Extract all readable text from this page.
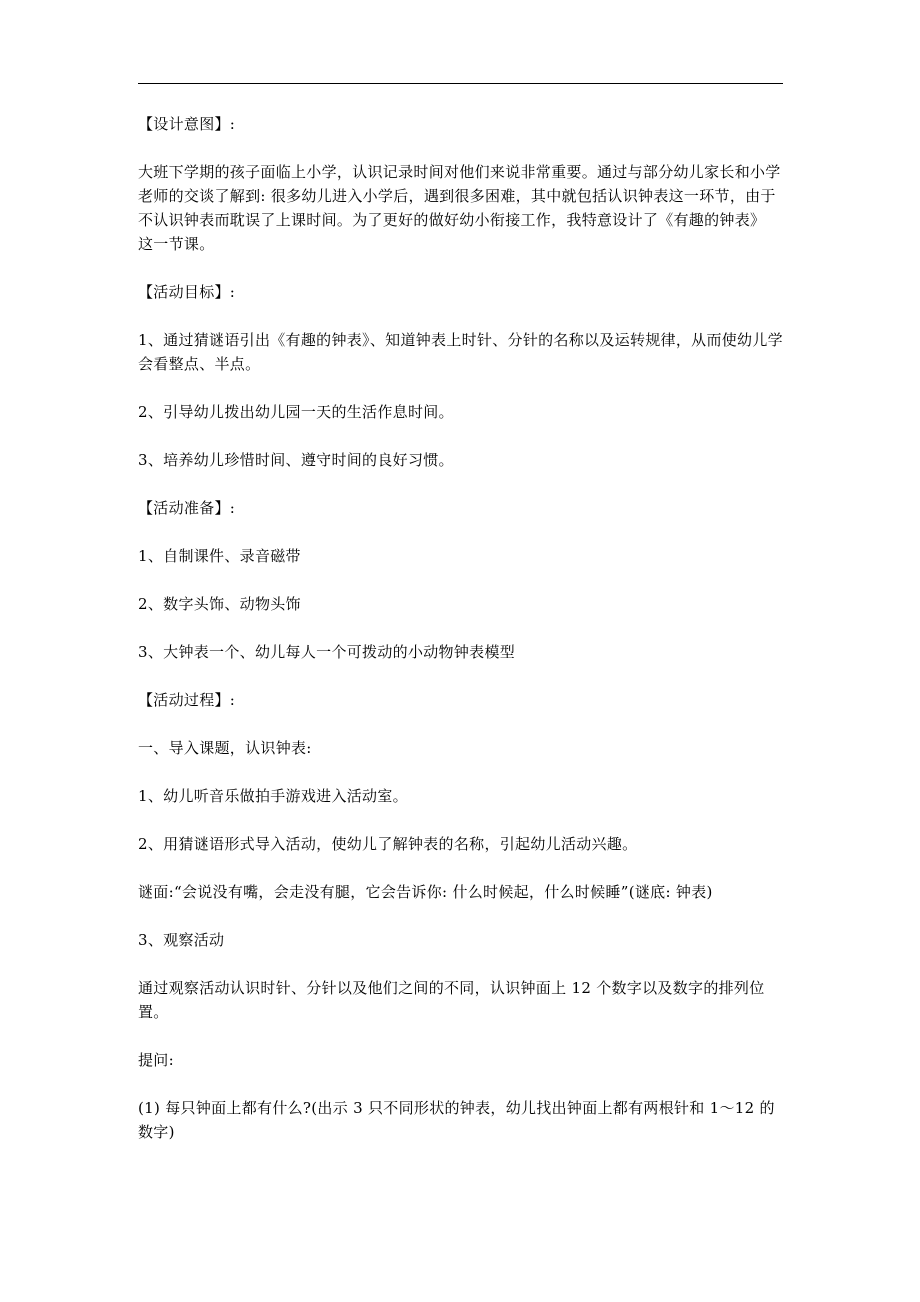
【设计意图】:

大班下学期的孩子面临上小学，认识记录时间对他们来说非常重要。通过与部分幼儿家长和小学老师的交谈了解到: 很多幼儿进入小学后，遇到很多困难，其中就包括认识钟表这一环节，由于不认识钟表而耽误了上课时间。为了更好的做好幼小衔接工作，我特意设计了《有趣的钟表》 这一节课。

【活动目标】:

1、通过猜谜语引出《有趣的钟表》、知道钟表上时针、分针的名称以及运转规律，从而使幼儿学会看整点、半点。

2、引导幼儿拨出幼儿园一天的生活作息时间。

3、培养幼儿珍惜时间、遵守时间的良好习惯。

【活动准备】:

1、自制课件、录音磁带

2、数字头饰、动物头饰

3、大钟表一个、幼儿每人一个可拨动的小动物钟表模型

【活动过程】:

一、导入课题，认识钟表:

1、幼儿听音乐做拍手游戏进入活动室。

2、用猜谜语形式导入活动，使幼儿了解钟表的名称，引起幼儿活动兴趣。

谜面:“会说没有嘴，会走没有腿，它会告诉你: 什么时候起，什么时候睡”(谜底: 钟表)

3、观察活动

通过观察活动认识时针、分针以及他们之间的不同，认识钟面上 12 个数字以及数字的排列位置。

提问:

(1) 每只钟面上都有什么?(出示 3 只不同形状的钟表，幼儿找出钟面上都有两根针和 1～12 的数字)
